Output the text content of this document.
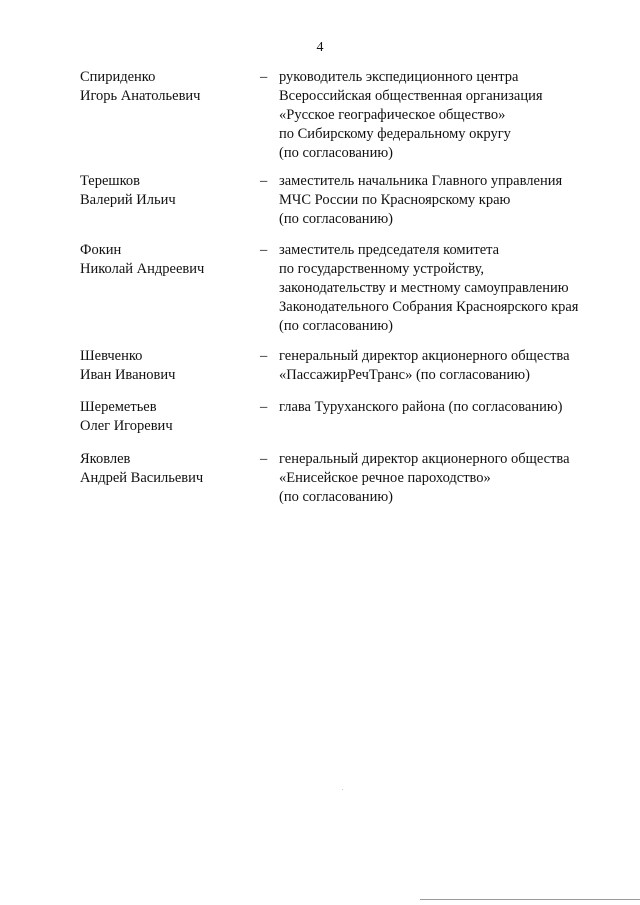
4
Спириденко
Игорь Анатольевич
– руководитель экспедиционного центра
Всероссийская общественная организация
«Русское географическое общество»
по Сибирскому федеральному округу
(по согласованию)
Терешков
Валерий Ильич
– заместитель начальника Главного управления
МЧС России по Красноярскому краю
(по согласованию)
Фокин
Николай Андреевич
– заместитель председателя комитета
по государственному устройству,
законодательству и местному самоуправлению
Законодательного Собрания Красноярского края
(по согласованию)
Шевченко
Иван Иванович
– генеральный директор акционерного общества
«ПассажирРечТранс» (по согласованию)
Шереметьев
Олег Игоревич
– глава Туруханского района (по согласованию)
Яковлев
Андрей Васильевич
– генеральный директор акционерного общества
«Енисейское речное пароходство»
(по согласованию)
